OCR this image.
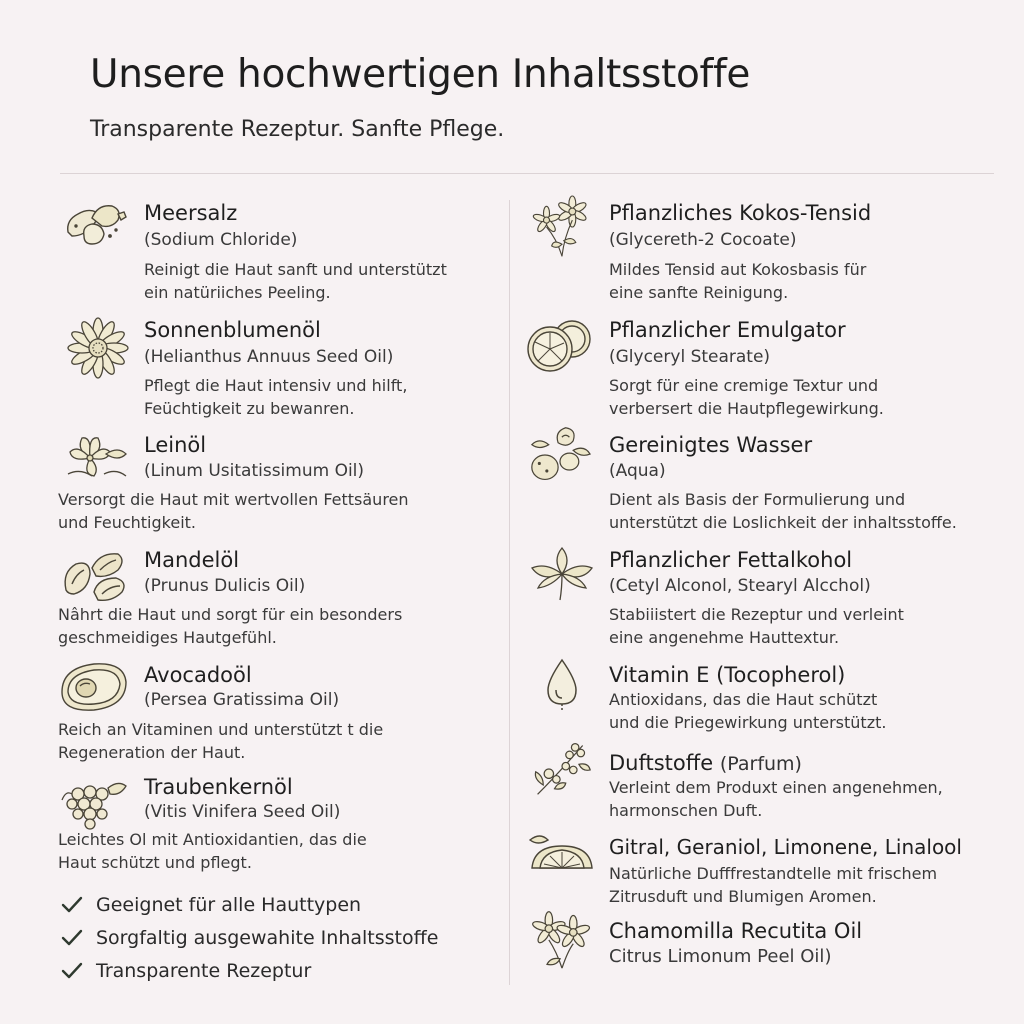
Unsere hochwertigen Inhaltsstoffe
Transparente Rezeptur. Sanfte Pflege.
Meersalz
(Sodium Chloride)
Reinigt die Haut sanft und unterstützt
ein natüriiches Peeling.
Sonnenblumenöl
(Helianthus Annuus Seed Oil)
Pflegt die Haut intensiv und hilft,
Feüchtigkeit zu bewanren.
Leinöl
(Linum Usitatissimum Oil)
Versorgt die Haut mit wertvollen Fettsäuren
und Feuchtigkeit.
Mandelöl
(Prunus Dulicis Oil)
Nâhrt die Haut und sorgt für ein besonders
geschmeidiges Hautgefühl.
Avocadoöl
(Persea Gratissima Oil)
Reich an Vitaminen und unterstützt t die
Regeneration der Haut.
Traubenkernöl
(Vitis Vinifera Seed Oil)
Leichtes Ol mit Antioxidantien, das die
Haut schützt und pflegt.
Geeignet für alle Hauttypen
Sorgfaltig ausgewahite Inhaltsstoffe
Transparente Rezeptur
Pflanzliches Kokos-Tensid
(Glycereth-2 Cocoate)
Mildes Tensid aut Kokosbasis für
eine sanfte Reinigung.
Pflanzlicher Emulgator
(Glyceryl Stearate)
Sorgt für eine cremige Textur und
verbersert die Hautpflegewirkung.
Gereinigtes Wasser
(Aqua)
Dient als Basis der Formulierung und
unterstützt die Loslichkeit der inhaltsstoffe.
Pflanzlicher Fettalkohol
(Cetyl Alconol, Stearyl Alcchol)
Stabiiistert die Rezeptur und verleint
eine angenehme Hauttextur.
Vitamin E (Tocopherol)
Antioxidans, das die Haut schützt
und die Priegewirkung unterstützt.
Duftstoffe (Parfum)
Verleint dem Produxt einen angenehmen,
harmonschen Duft.
Gitral, Geraniol, Limonene, Linalool
Natürliche Dufffrestandtelle mit frischem
Zitrusduft und Blumigen Aromen.
Chamomilla Recutita Oil
Citrus Limonum Peel Oil)
